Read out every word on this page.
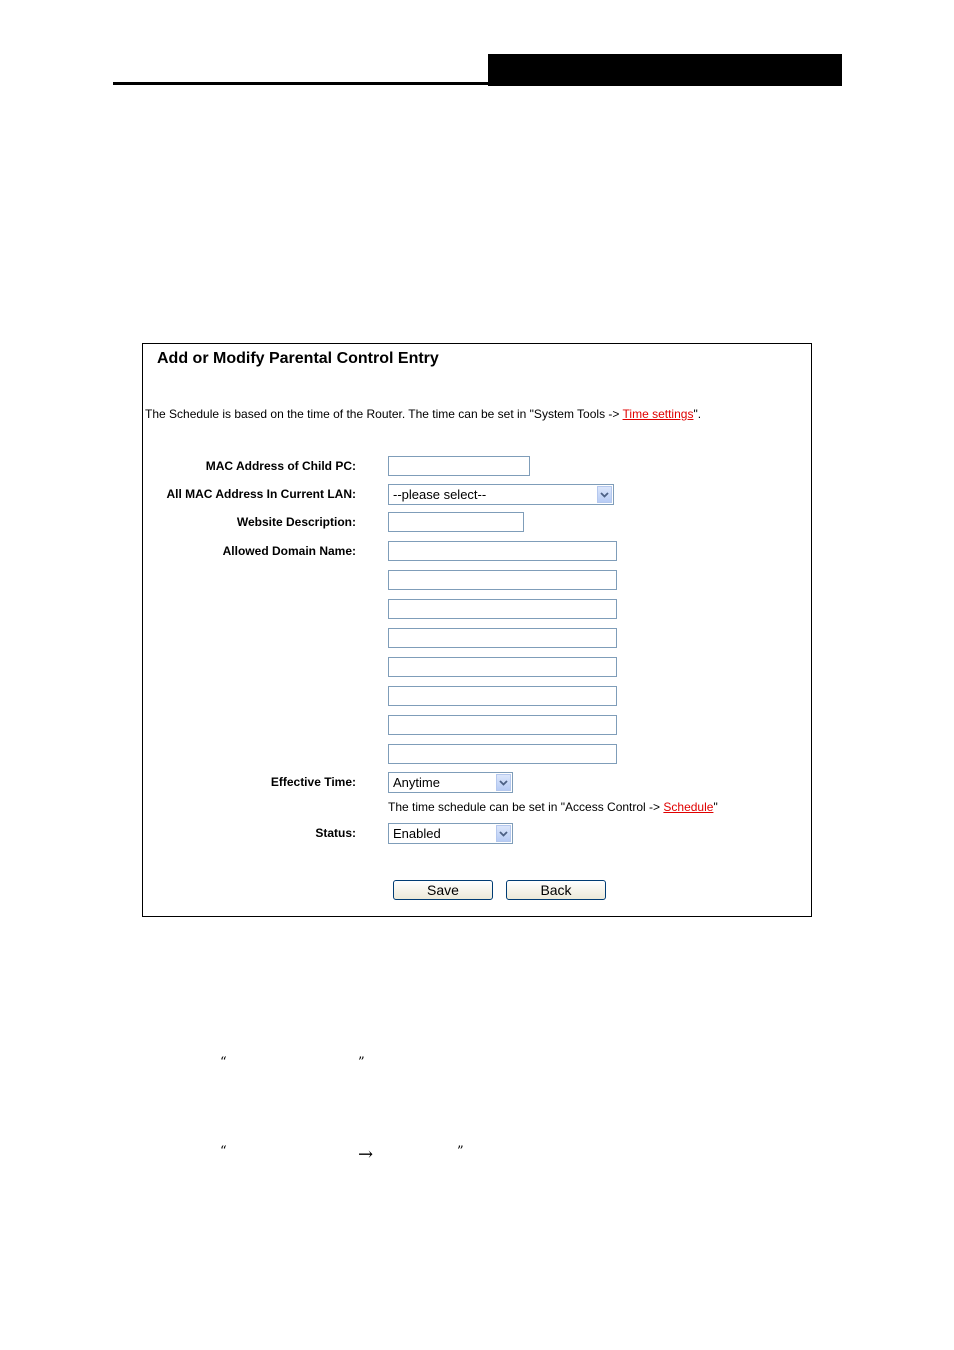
Add or Modify Parental Control Entry
The Schedule is based on the time of the Router. The time can be set in "System Tools -> Time settings".
MAC Address of Child PC:
All MAC Address In Current LAN:	--please select--
Website Description:
Allowed Domain Name:
Effective Time:	Anytime
The time schedule can be set in "Access Control -> Schedule"
Status:	Enabled
Save	Back
“	”
“	→	”
